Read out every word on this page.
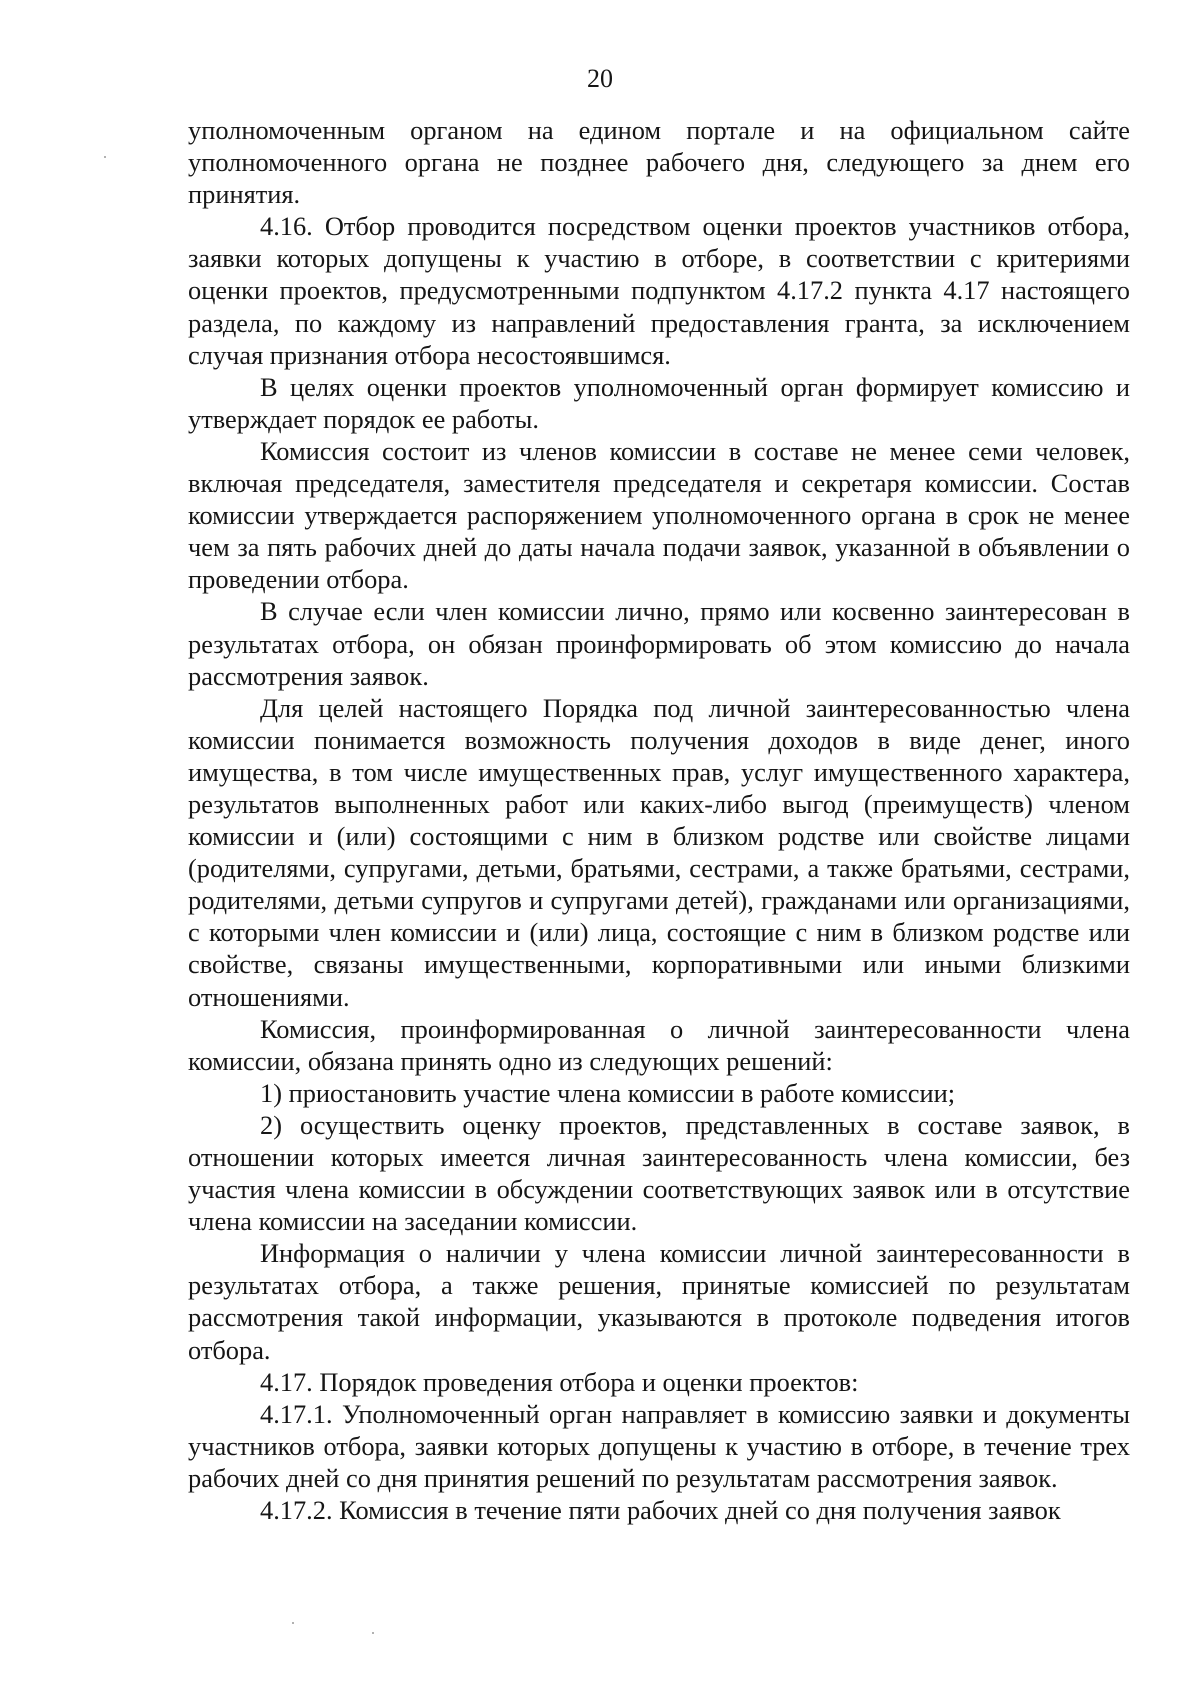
20

уполномоченным органом на едином портале и на официальном сайте уполномоченного органа не позднее рабочего дня, следующего за днем его принятия.

4.16. Отбор проводится посредством оценки проектов участников отбора, заявки которых допущены к участию в отборе, в соответствии с критериями оценки проектов, предусмотренными подпунктом 4.17.2 пункта 4.17 настоящего раздела, по каждому из направлений предоставления гранта, за исключением случая признания отбора несостоявшимся.

В целях оценки проектов уполномоченный орган формирует комиссию и утверждает порядок ее работы.

Комиссия состоит из членов комиссии в составе не менее семи человек, включая председателя, заместителя председателя и секретаря комиссии. Состав комиссии утверждается распоряжением уполномоченного органа в срок не менее чем за пять рабочих дней до даты начала подачи заявок, указанной в объявлении о проведении отбора.

В случае если член комиссии лично, прямо или косвенно заинтересован в результатах отбора, он обязан проинформировать об этом комиссию до начала рассмотрения заявок.

Для целей настоящего Порядка под личной заинтересованностью члена комиссии понимается возможность получения доходов в виде денег, иного имущества, в том числе имущественных прав, услуг имущественного характера, результатов выполненных работ или каких-либо выгод (преимуществ) членом комиссии и (или) состоящими с ним в близком родстве или свойстве лицами (родителями, супругами, детьми, братьями, сестрами, а также братьями, сестрами, родителями, детьми супругов и супругами детей), гражданами или организациями, с которыми член комиссии и (или) лица, состоящие с ним в близком родстве или свойстве, связаны имущественными, корпоративными или иными близкими отношениями.

Комиссия, проинформированная о личной заинтересованности члена комиссии, обязана принять одно из следующих решений:

1) приостановить участие члена комиссии в работе комиссии;

2) осуществить оценку проектов, представленных в составе заявок, в отношении которых имеется личная заинтересованность члена комиссии, без участия члена комиссии в обсуждении соответствующих заявок или в отсутствие члена комиссии на заседании комиссии.

Информация о наличии у члена комиссии личной заинтересованности в результатах отбора, а также решения, принятые комиссией по результатам рассмотрения такой информации, указываются в протоколе подведения итогов отбора.

4.17. Порядок проведения отбора и оценки проектов:

4.17.1. Уполномоченный орган направляет в комиссию заявки и документы участников отбора, заявки которых допущены к участию в отборе, в течение трех рабочих дней со дня принятия решений по результатам рассмотрения заявок.

4.17.2. Комиссия в течение пяти рабочих дней со дня получения заявок
